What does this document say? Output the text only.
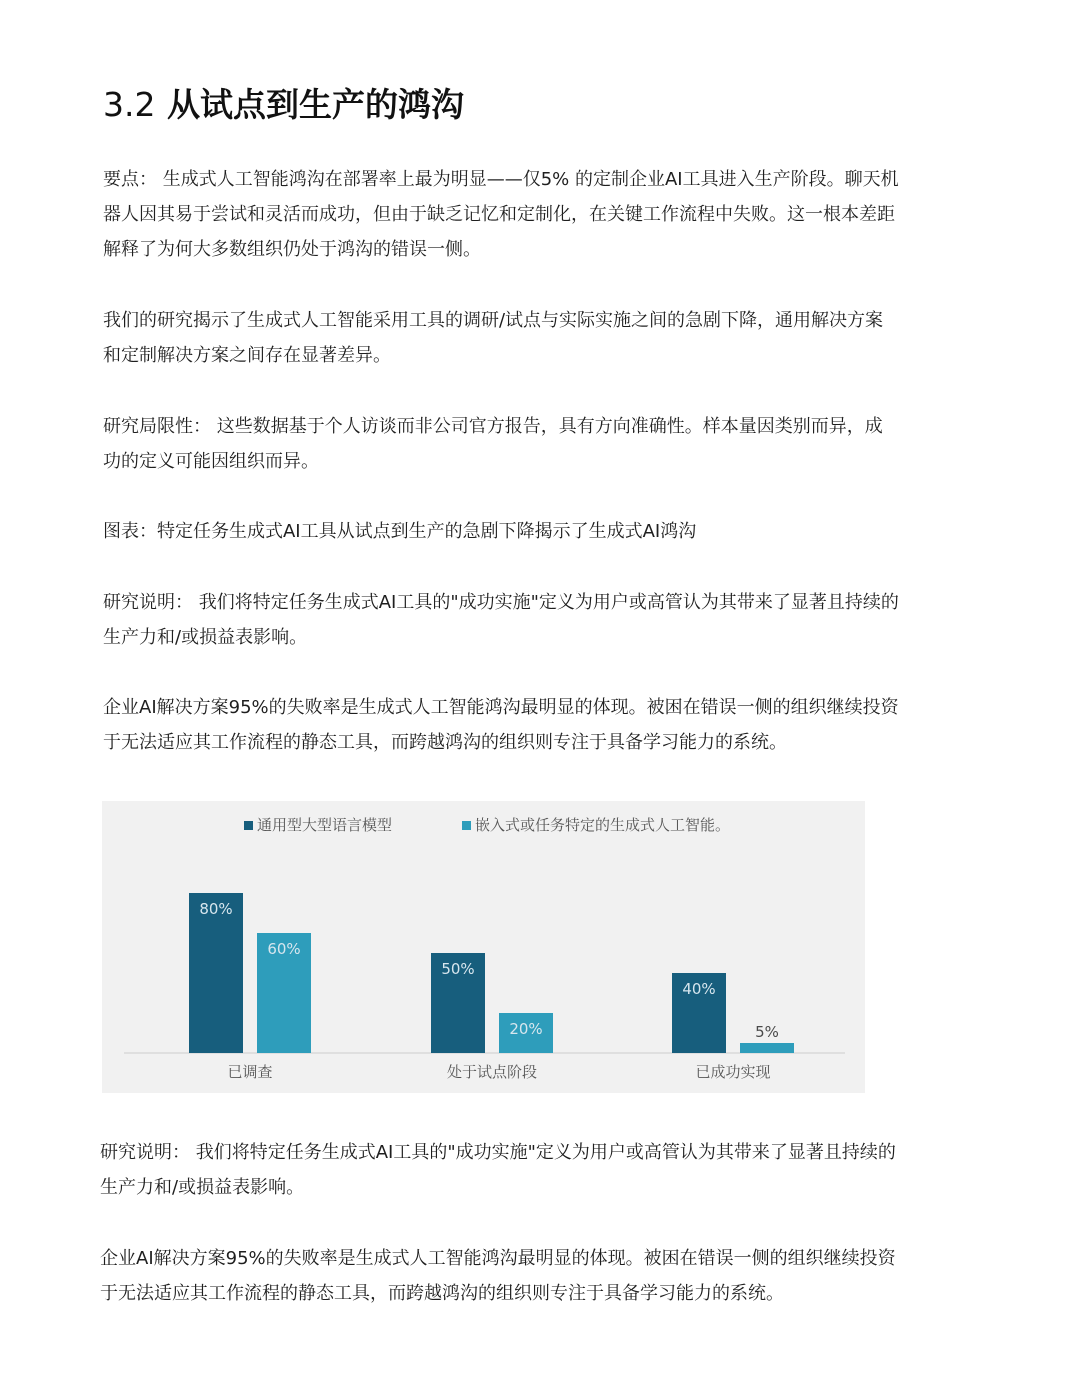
3.2 从试点到生产的鸿沟

要点： 生成式人工智能鸿沟在部署率上最为明显——仅5% 的定制企业AI工具进入生产阶段。聊天机
器人因其易于尝试和灵活而成功，但由于缺乏记忆和定制化，在关键工作流程中失败。这一根本差距
解释了为何大多数组织仍处于鸿沟的错误一侧。

我们的研究揭示了生成式人工智能采用工具的调研/试点与实际实施之间的急剧下降，通用解决方案
和定制解决方案之间存在显著差异。

研究局限性： 这些数据基于个人访谈而非公司官方报告，具有方向准确性。样本量因类别而异，成
功的定义可能因组织而异。

图表：特定任务生成式AI工具从试点到生产的急剧下降揭示了生成式AI鸿沟

研究说明： 我们将特定任务生成式AI工具的"成功实施"定义为用户或高管认为其带来了显著且持续的
生产力和/或损益表影响。

企业AI解决方案95%的失败率是生成式人工智能鸿沟最明显的体现。被困在错误一侧的组织继续投资
于无法适应其工作流程的静态工具，而跨越鸿沟的组织则专注于具备学习能力的系统。

通用型大型语言模型	嵌入式或任务特定的生成式人工智能。
80%
60%
已调查
50%
20%
处于试点阶段
40%
5%
已成功实现

研究说明： 我们将特定任务生成式AI工具的"成功实施"定义为用户或高管认为其带来了显著且持续的
生产力和/或损益表影响。

企业AI解决方案95%的失败率是生成式人工智能鸿沟最明显的体现。被困在错误一侧的组织继续投资
于无法适应其工作流程的静态工具，而跨越鸿沟的组织则专注于具备学习能力的系统。
